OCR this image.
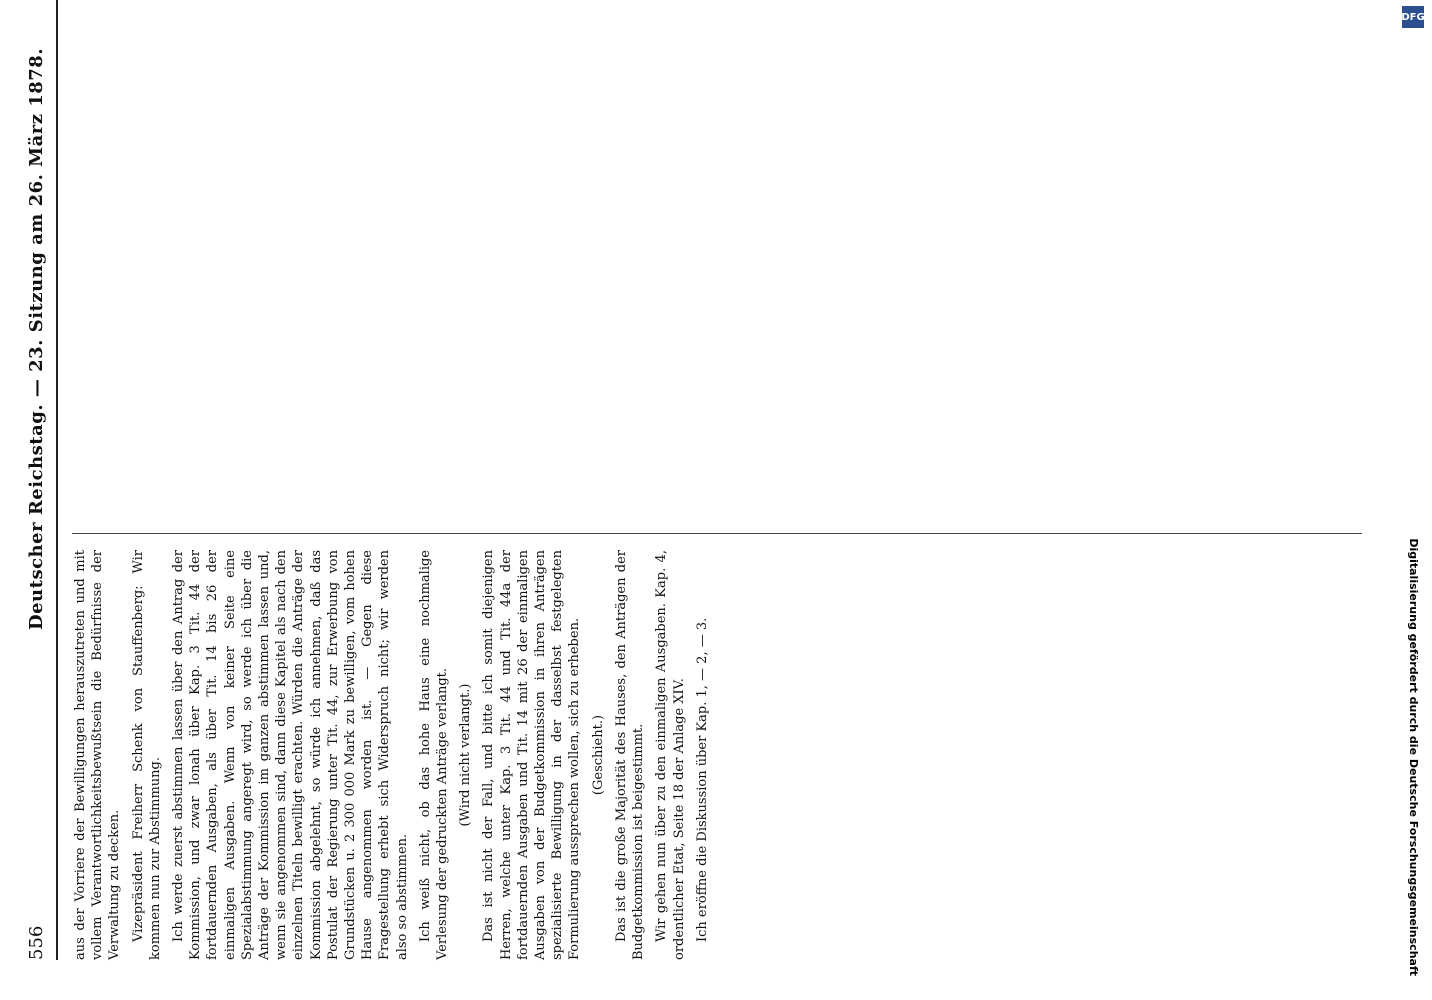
556
Deutscher Reichstag. — 23. Sitzung am 26. März 1878.

aus der Vorriere der Bewilligungen herauszutreten und mit vollem Verantwortlichkeitsbewußtsein die Bedürfnisse der Verwaltung zu decken. Vizepräsident Freiherr Schenk von Stauffenberg: Wir kommen nun zur Abstimmung. Ich werde zuerst abstimmen lassen über den Antrag der Kommission, und zwar lonah über Kap. 3 Tit. 44 der fortdauernden Ausgaben, als über Tit. 14 bis 26 der einmaligen Ausgaben. Wenn von keiner Seite eine Spezialabstimmung angeregt wird, so werde ich über die Anträge der Kommission im ganzen abstimmen lassen und, wenn sie angenommen sind, dann diese Kapitel als nach den einzelnen Titeln bewilligt erachten. Würden die Anträge der Kommission abgelehnt, so würde ich annehmen, daß das Postulat der Regierung unter Tit. 44, zur Erwerbung von Grundstücken u. 2 300 000 Mark zu bewilligen, vom hohen Hause angenommen worden ist. — Gegen diese Fragestellung erhebt sich Widerspruch nicht; wir werden also so abstimmen. Ich weiß nicht, ob das hohe Haus eine nochmalige Verlesung der gedruckten Anträge verlangt. (Wird nicht verlangt.) Das ist nicht der Fall, und bitte ich somit diejenigen Herren, welche unter Kap. 3 Tit. 44 und Tit. 44a der fortdauernden Ausgaben und Tit. 14 mit 26 der einmaligen Ausgaben von der Budgetkommission in ihren Anträgen spezialisierte Bewilligung in der dasselbst festgelegten Formulierung aussprechen wollen, sich zu erheben. (Geschieht.) Das ist die große Majorität des Hauses, den Anträgen der Budgetkommission ist beigestimmt. Wir gehen nun über zu den einmaligen Ausgaben. Kap. 4, ordentlicher Etat, Seite 18 der Anlage XIV. Ich eröffne die Diskussion über Kap. 1, — 2, — 3.	Digitalisierung gefördert durch die Deutsche Forschungsgemeinschaft
DFG
